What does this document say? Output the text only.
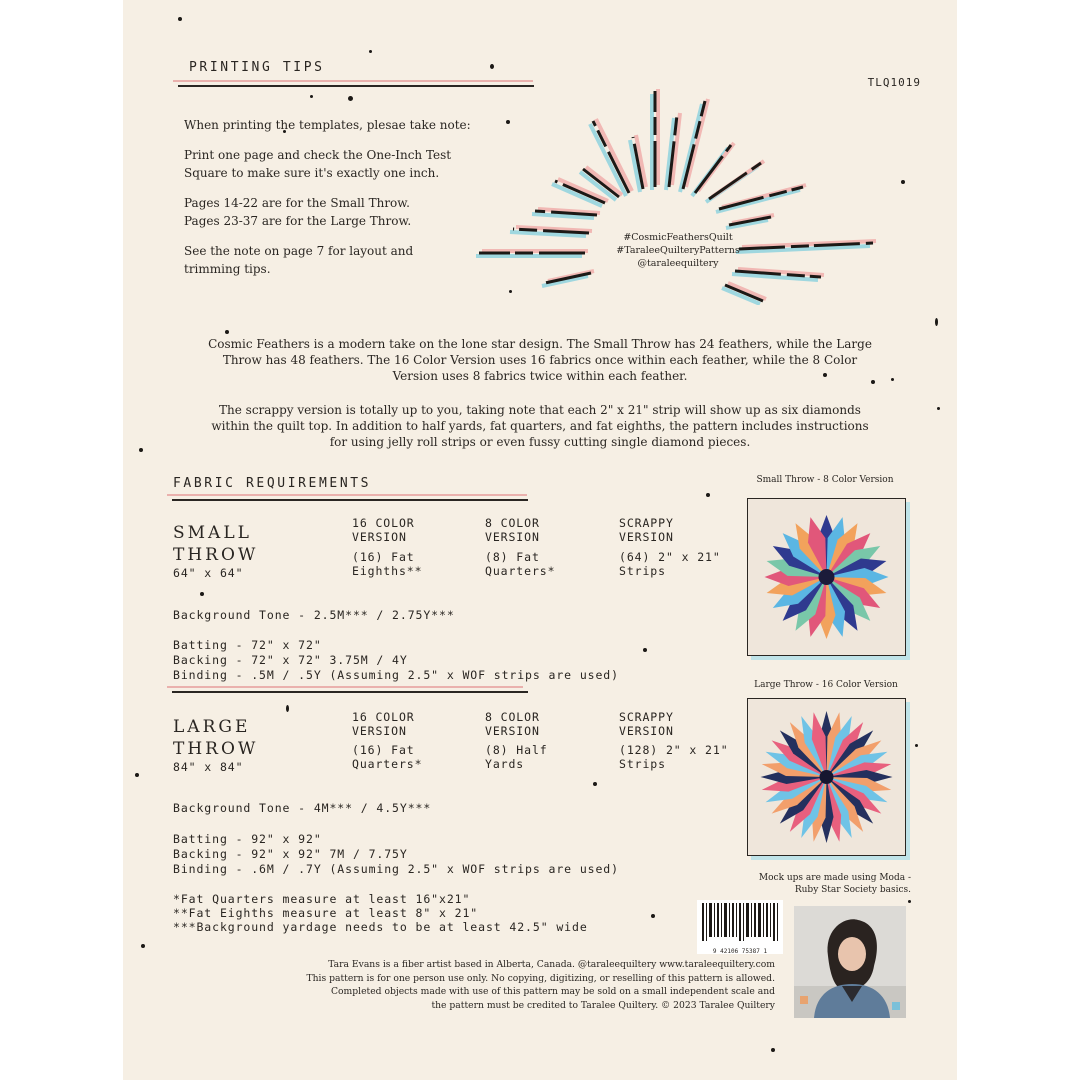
PRINTING TIPS
TLQ1019
When printing the templates, plesae take note:
Print one page and check the One-Inch Test
Square to make sure it's exactly one inch.
Pages 14-22 are for the Small Throw.
Pages 23-37 are for the Large Throw.
See the note on page 7 for layout and
trimming tips.
#CosmicFeathersQuilt
#TaraleeQuilteryPatterns
@taraleequiltery
Cosmic Feathers is a modern take on the lone star design. The Small Throw has 24 feathers, while the Large
Throw has 48 feathers. The 16 Color Version uses 16 fabrics once within each feather, while the 8 Color
Version uses 8 fabrics twice within each feather.
The scrappy version is totally up to you, taking note that each 2" x 21" strip will show up as six diamonds
within the quilt top. In addition to half yards, fat quarters, and fat eighths, the pattern includes instructions
for using jelly roll strips or even fussy cutting single diamond pieces.
FABRIC REQUIREMENTS
SMALL
THROW
64" x 64"
16 COLOR
VERSION
(16) Fat
Eighths**
8 COLOR
VERSION
(8) Fat
Quarters*
SCRAPPY
VERSION
(64) 2" x 21"
Strips
Background Tone - 2.5M*** / 2.75Y***
Batting - 72" x 72"
Backing - 72" x 72" 3.75M / 4Y
Binding - .5M / .5Y (Assuming 2.5" x WOF strips are used)
LARGE
THROW
84" x 84"
16 COLOR
VERSION
(16) Fat
Quarters*
8 COLOR
VERSION
(8) Half
Yards
SCRAPPY
VERSION
(128) 2" x 21"
Strips
Background Tone - 4M*** / 4.5Y***
Batting - 92" x 92"
Backing - 92" x 92" 7M / 7.75Y
Binding - .6M / .7Y (Assuming 2.5" x WOF strips are used)
*Fat Quarters measure at least 16"x21"
**Fat Eighths measure at least 8" x 21"
***Background yardage needs to be at least 42.5" wide
Small Throw - 8 Color Version
Large Throw - 16 Color Version
Mock ups are made using Moda -
Ruby Star Society basics.
9 42106 75387 1
Tara Evans is a fiber artist based in Alberta, Canada. @taraleequiltery www.taraleequiltery.com
This pattern is for one person use only. No copying, digitizing, or reselling of this pattern is allowed.
Completed objects made with use of this pattern may be sold on a small independent scale and
the pattern must be credited to Taralee Quiltery. © 2023 Taralee Quiltery
